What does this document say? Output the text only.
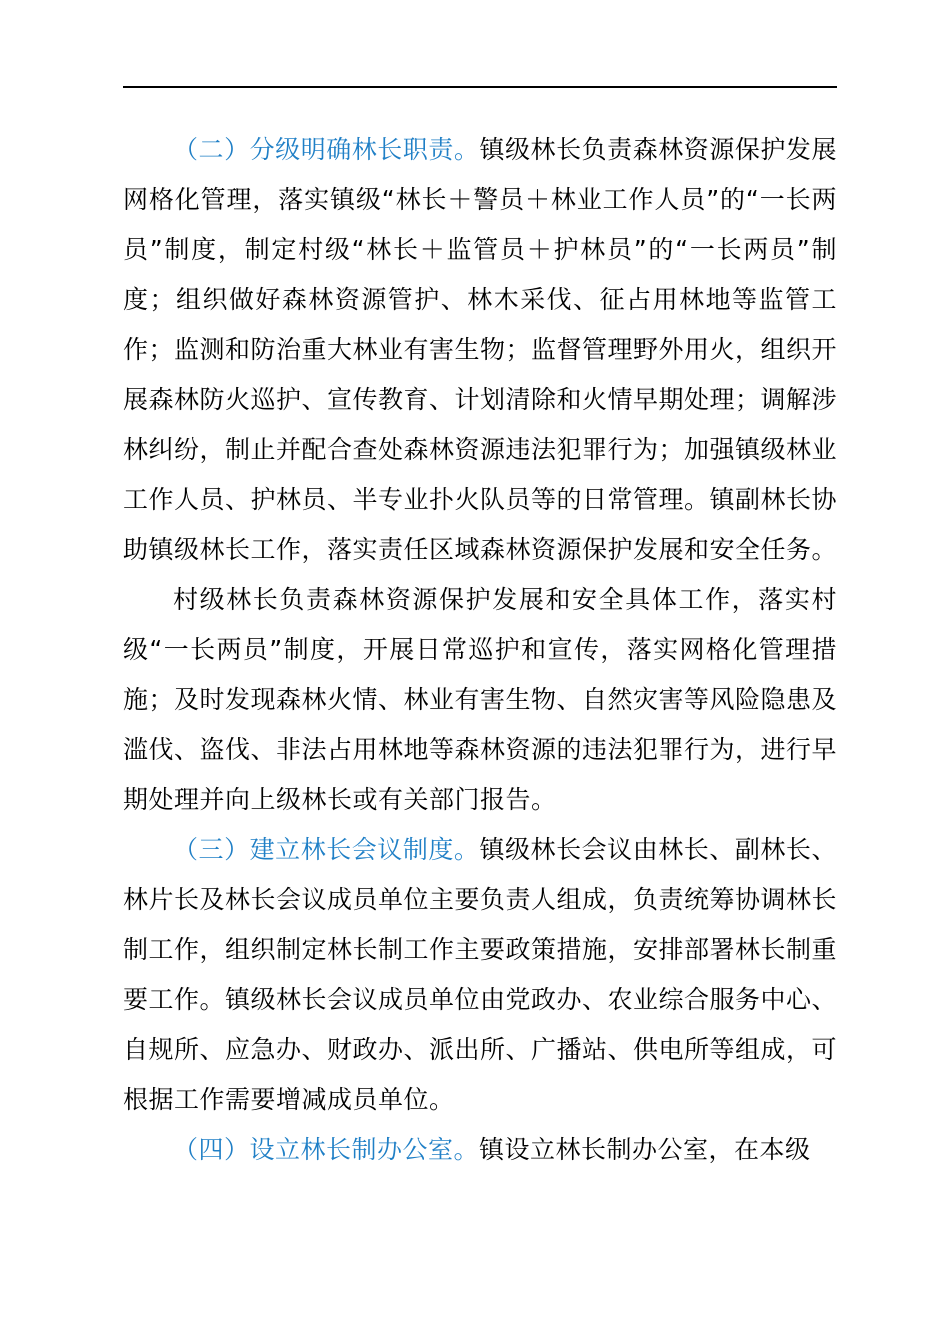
（二）分级明确林长职责。镇级林长负责森林资源保护发展网格化管理，落实镇级“林长＋警员＋林业工作人员”的“一长两员”制度，制定村级“林长＋监管员＋护林员”的“一长两员”制度；组织做好森林资源管护、林木采伐、征占用林地等监管工作；监测和防治重大林业有害生物；监督管理野外用火，组织开展森林防火巡护、宣传教育、计划清除和火情早期处理；调解涉林纠纷，制止并配合查处森林资源违法犯罪行为；加强镇级林业工作人员、护林员、半专业扑火队员等的日常管理。镇副林长协助镇级林长工作，落实责任区域森林资源保护发展和安全任务。

村级林长负责森林资源保护发展和安全具体工作，落实村级“一长两员”制度，开展日常巡护和宣传，落实网格化管理措施；及时发现森林火情、林业有害生物、自然灾害等风险隐患及滥伐、盗伐、非法占用林地等森林资源的违法犯罪行为，进行早期处理并向上级林长或有关部门报告。

（三）建立林长会议制度。镇级林长会议由林长、副林长、林片长及林长会议成员单位主要负责人组成，负责统筹协调林长制工作，组织制定林长制工作主要政策措施，安排部署林长制重要工作。镇级林长会议成员单位由党政办、农业综合服务中心、自规所、应急办、财政办、派出所、广播站、供电所等组成，可根据工作需要增减成员单位。

（四）设立林长制办公室。镇设立林长制办公室，在本级
